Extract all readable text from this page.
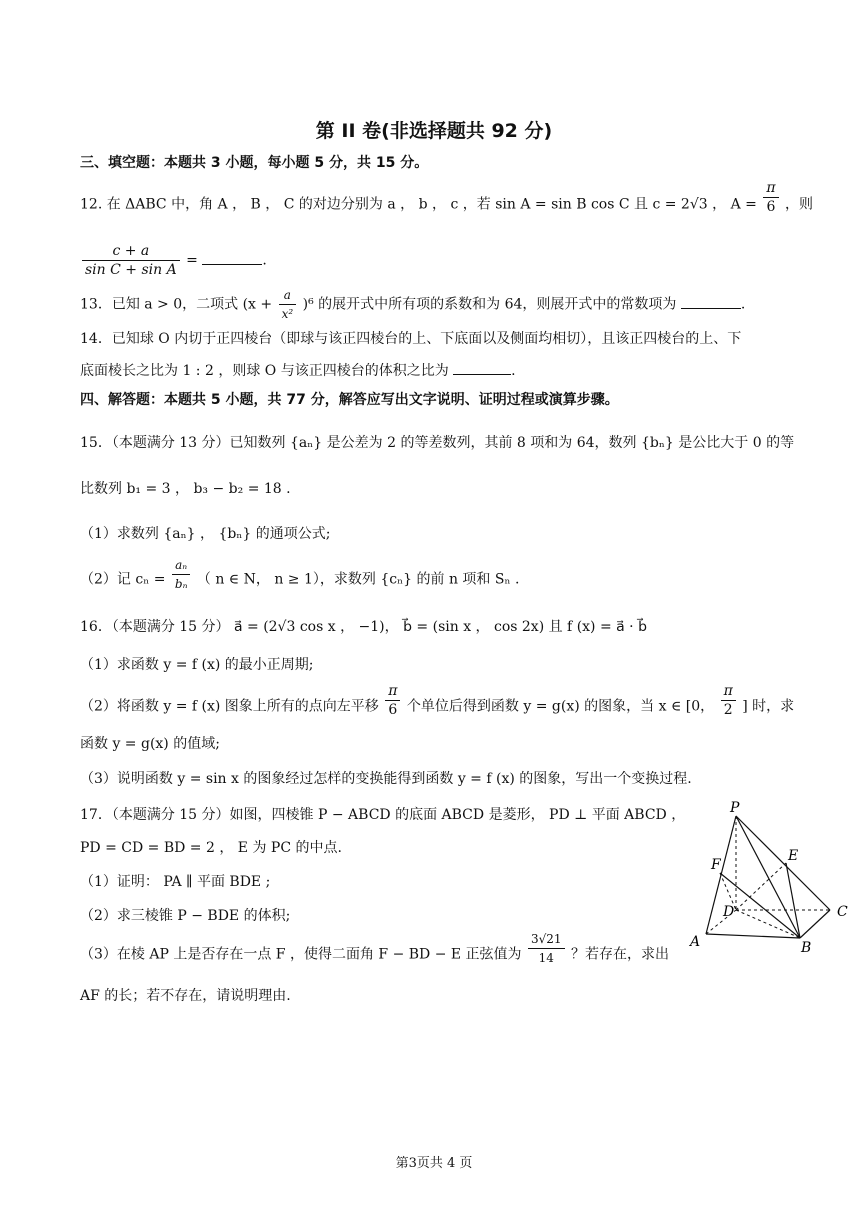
第 II 卷(非选择题共 92 分)
三、填空题：本题共 3 小题，每小题 5 分，共 15 分。
12. 在 ΔABC 中，角 A ， B ， C 的对边分别为 a ， b ， c ，若 sin A = sin B cos C 且 c = 2√3 ， $A = \frac{\pi}{6}$ ，则
$\frac{c + a}{\text{sin C + sin A}}$ =	.
13．已知 a > 0，二项式 $(x + \frac{a}{\text{x²}} )^6$ 的展开式中所有项的系数和为 64，则展开式中的常数项为	.
14．已知球 O 内切于正四棱台（即球与该正四棱台的上、下底面以及侧面均相切），且该正四棱台的上、下
底面棱长之比为 1 : 2 ，则球 O 与该正四棱台的体积之比为	.
四、解答题：本题共 5 小题，共 77 分，解答应写出文字说明、证明过程或演算步骤。
15．（本题满分 13 分）已知数列 {aₙ} 是公差为 2 的等差数列，其前 8 项和为 64，数列 {bₙ} 是公比大于 0 的等
比数列 b₁ = 3 ， b₃ − b₂ = 18 .
（1）求数列 {aₙ} ， {bₙ} 的通项公式;
（2）记 $c_n = \frac{\text{aₙ}}{\text{bₙ}}$ （ n ∈ N， n ≥ 1），求数列 {cₙ} 的前 n 项和 Sₙ .
16．（本题满分 15 分） a⃗ = (2√3 cos x ， −1)， b⃗ = (sin x ， cos 2x) 且 f (x) = a⃗ · b⃗
（1）求函数 y = f (x) 的最小正周期;
（2）将函数 y = f (x) 图象上所有的点向左平移 $\frac{\pi}{6}$ 个单位后得到函数 y = g(x) 的图象，当 x ∈ [0， $\frac{\pi}{2}$ ] 时，求
函数 y = g(x) 的值域;
（3）说明函数 y = sin x 的图象经过怎样的变换能得到函数 y = f (x) 的图象，写出一个变换过程.
17．（本题满分 15 分）如图，四棱锥 P − ABCD 的底面 ABCD 是菱形， PD ⊥ 平面 ABCD ，
PD = CD = BD = 2 ， E 为 PC 的中点.
（1）证明： PA ∥ 平面 BDE ;
（2）求三棱锥 P − BDE 的体积;
（3）在棱 AP 上是否存在一点 F ，使得二面角 F − BD − E 正弦值为 $\frac{3√21}{14}$ ？若存在，求出
AF 的长；若不存在，请说明理由.
P
E
F
D	C
A	B
第3页共 4 页
